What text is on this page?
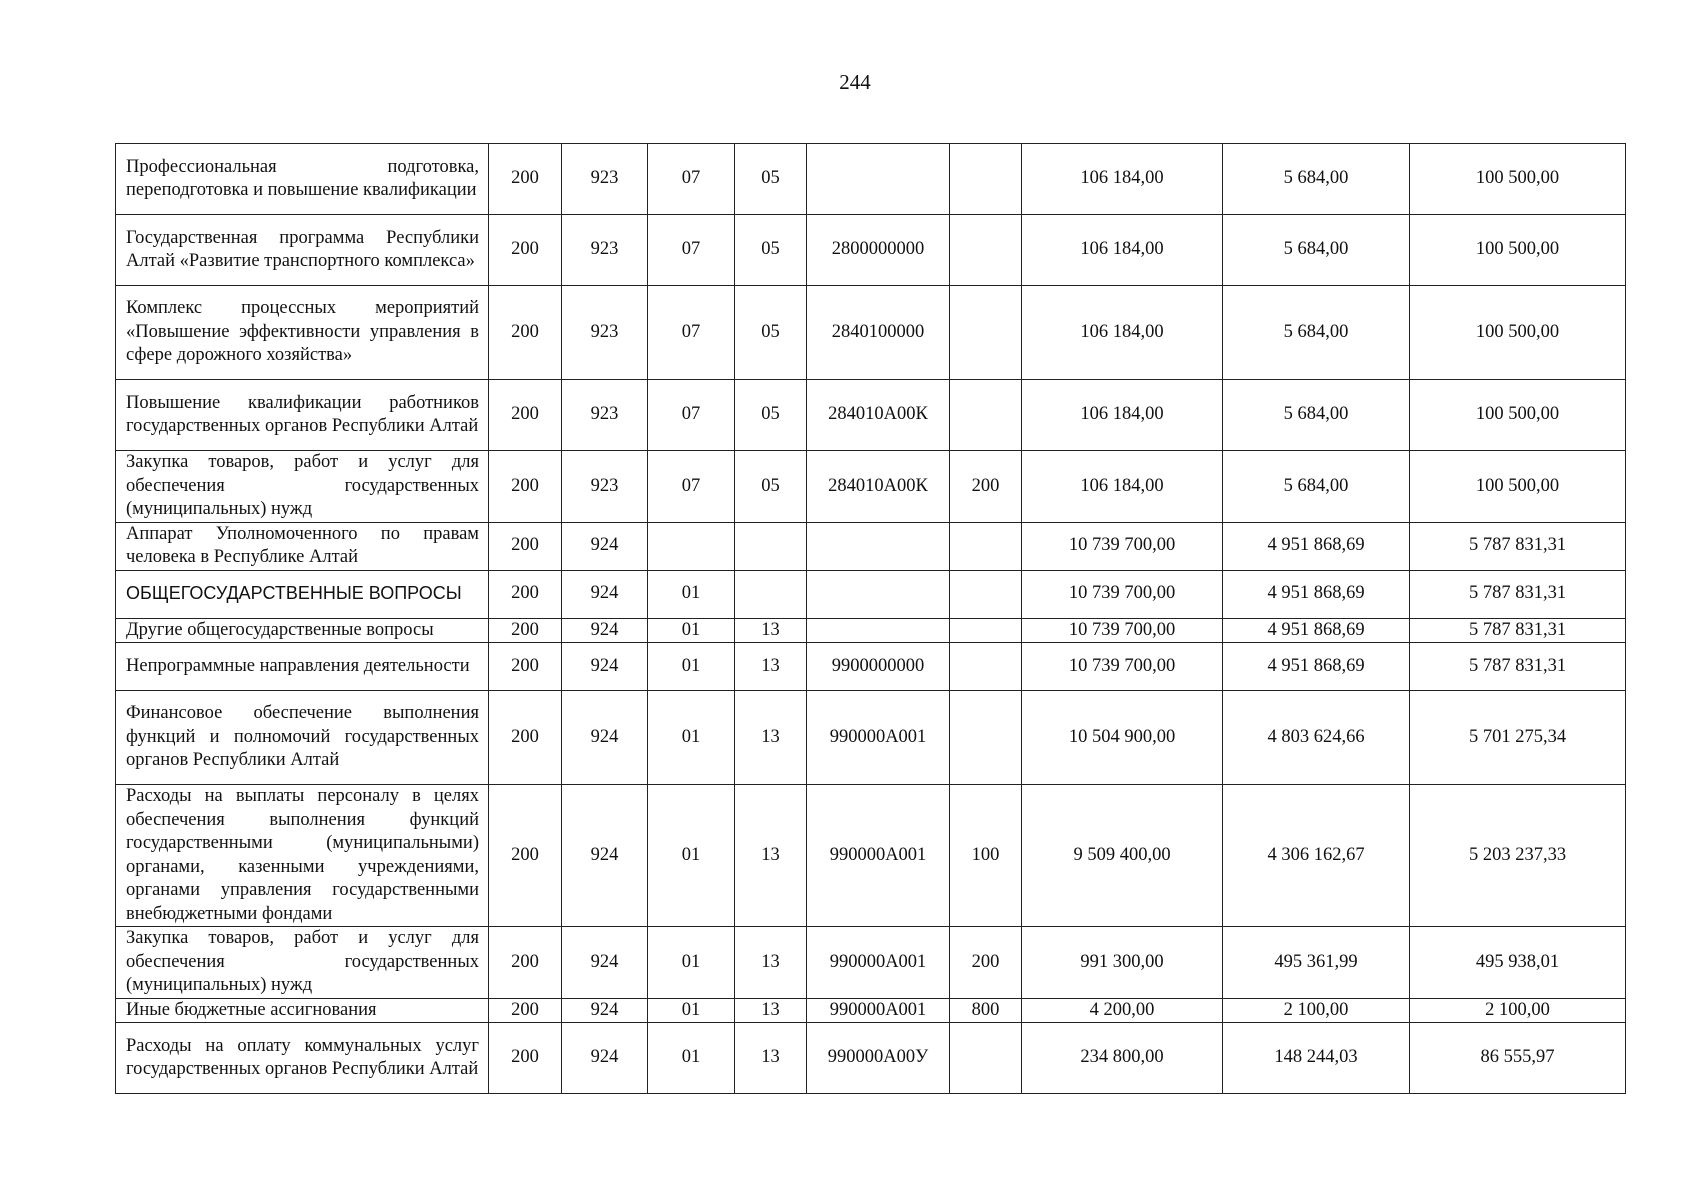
244
Профессиональная подготовка, переподготовка и повышение квалификации	200	923	07	05			106 184,00	5 684,00	100 500,00
Государственная программа Республики Алтай «Развитие транспортного комплекса»	200	923	07	05	2800000000		106 184,00	5 684,00	100 500,00
Комплекс процессных мероприятий «Повышение эффективности управления в сфере дорожного хозяйства»	200	923	07	05	2840100000		106 184,00	5 684,00	100 500,00
Повышение квалификации работников государственных органов Республики Алтай	200	923	07	05	284010А00К		106 184,00	5 684,00	100 500,00
Закупка товаров, работ и услуг для обеспечения государственных (муниципальных) нужд	200	923	07	05	284010А00К	200	106 184,00	5 684,00	100 500,00
Аппарат Уполномоченного по правам человека в Республике Алтай	200	924					10 739 700,00	4 951 868,69	5 787 831,31
ОБЩЕГОСУДАРСТВЕННЫЕ ВОПРОСЫ	200	924	01				10 739 700,00	4 951 868,69	5 787 831,31
Другие общегосударственные вопросы	200	924	01	13			10 739 700,00	4 951 868,69	5 787 831,31
Непрограммные направления деятельности	200	924	01	13	9900000000		10 739 700,00	4 951 868,69	5 787 831,31
Финансовое обеспечение выполнения функций и полномочий государственных органов Республики Алтай	200	924	01	13	990000А001		10 504 900,00	4 803 624,66	5 701 275,34
Расходы на выплаты персоналу в целях обеспечения выполнения функций государственными (муниципальными) органами, казенными учреждениями, органами управления государственными внебюджетными фондами	200	924	01	13	990000А001	100	9 509 400,00	4 306 162,67	5 203 237,33
Закупка товаров, работ и услуг для обеспечения государственных (муниципальных) нужд	200	924	01	13	990000А001	200	991 300,00	495 361,99	495 938,01
Иные бюджетные ассигнования	200	924	01	13	990000А001	800	4 200,00	2 100,00	2 100,00
Расходы на оплату коммунальных услуг государственных органов Республики Алтай	200	924	01	13	990000А00У		234 800,00	148 244,03	86 555,97
